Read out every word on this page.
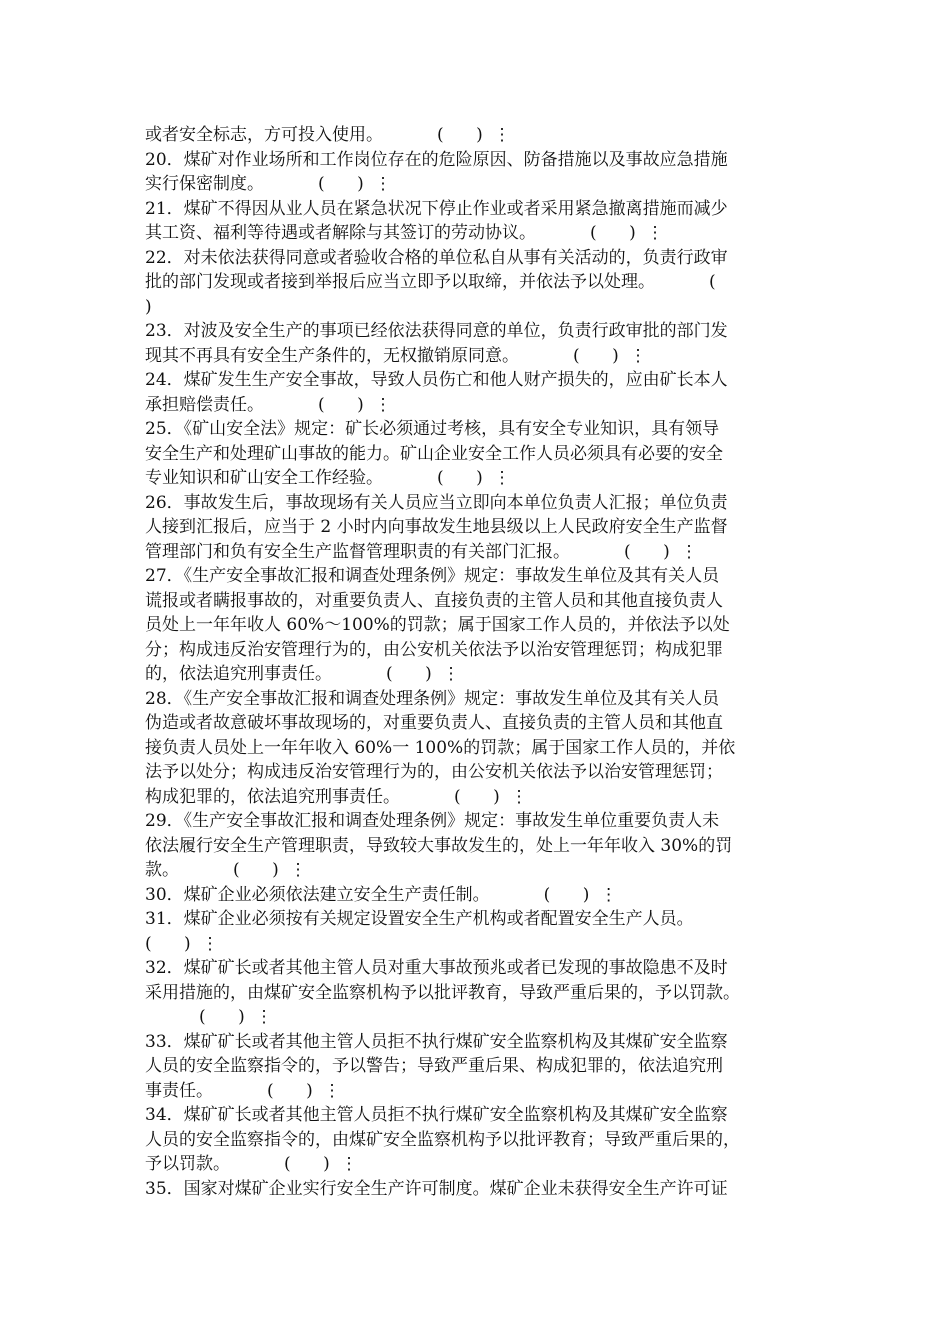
或者安全标志，方可投入使用。          (      )  ⋮
20．煤矿对作业场所和工作岗位存在的危险原因、防备措施以及事故应急措施
实行保密制度。          (      )  ⋮
21．煤矿不得因从业人员在紧急状况下停止作业或者采用紧急撤离措施而减少
其工资、福利等待遇或者解除与其签订的劳动协议。          (      )  ⋮
22．对未依法获得同意或者验收合格的单位私自从事有关活动的，负责行政审
批的部门发现或者接到举报后应当立即予以取缔，并依法予以处理。          (
)
23．对波及安全生产的事项已经依法获得同意的单位，负责行政审批的部门发
现其不再具有安全生产条件的，无权撤销原同意。          (      )  ⋮
24．煤矿发生生产安全事故，导致人员伤亡和他人财产损失的，应由矿长本人
承担赔偿责任。          (      )  ⋮
25．《矿山安全法》规定：矿长必须通过考核，具有安全专业知识，具有领导
安全生产和处理矿山事故的能力。矿山企业安全工作人员必须具有必要的安全
专业知识和矿山安全工作经验。          (      )  ⋮
26．事故发生后，事故现场有关人员应当立即向本单位负责人汇报；单位负责
人接到汇报后，应当于 2 小时内向事故发生地县级以上人民政府安全生产监督
管理部门和负有安全生产监督管理职责的有关部门汇报。          (      )  ⋮
27．《生产安全事故汇报和调查处理条例》规定：事故发生单位及其有关人员
谎报或者瞒报事故的，对重要负责人、直接负责的主管人员和其他直接负责人
员处上一年年收人 60%～100%的罚款；属于国家工作人员的，并依法予以处
分；构成违反治安管理行为的，由公安机关依法予以治安管理惩罚；构成犯罪
的，依法追究刑事责任。          (      )  ⋮
28．《生产安全事故汇报和调查处理条例》规定：事故发生单位及其有关人员
伪造或者故意破坏事故现场的，对重要负责人、直接负责的主管人员和其他直
接负责人员处上一年年收入 60%一 100%的罚款；属于国家工作人员的，并依
法予以处分；构成违反治安管理行为的，由公安机关依法予以治安管理惩罚；
构成犯罪的，依法追究刑事责任。          (      )  ⋮
29．《生产安全事故汇报和调查处理条例》规定：事故发生单位重要负责人未
依法履行安全生产管理职责，导致较大事故发生的，处上一年年收入 30%的罚
款。          (      )  ⋮
30．煤矿企业必须依法建立安全生产责任制。          (      )  ⋮
31．煤矿企业必须按有关规定设置安全生产机构或者配置安全生产人员。
(      )  ⋮
32．煤矿矿长或者其他主管人员对重大事故预兆或者已发现的事故隐患不及时
采用措施的，由煤矿安全监察机构予以批评教育，导致严重后果的，予以罚款。
(      )  ⋮
33．煤矿矿长或者其他主管人员拒不执行煤矿安全监察机构及其煤矿安全监察
人员的安全监察指令的，予以警告；导致严重后果、构成犯罪的，依法追究刑
事责任。          (      )  ⋮
34．煤矿矿长或者其他主管人员拒不执行煤矿安全监察机构及其煤矿安全监察
人员的安全监察指令的，由煤矿安全监察机构予以批评教育；导致严重后果的，
予以罚款。          (      )  ⋮
35．国家对煤矿企业实行安全生产许可制度。煤矿企业未获得安全生产许可证
